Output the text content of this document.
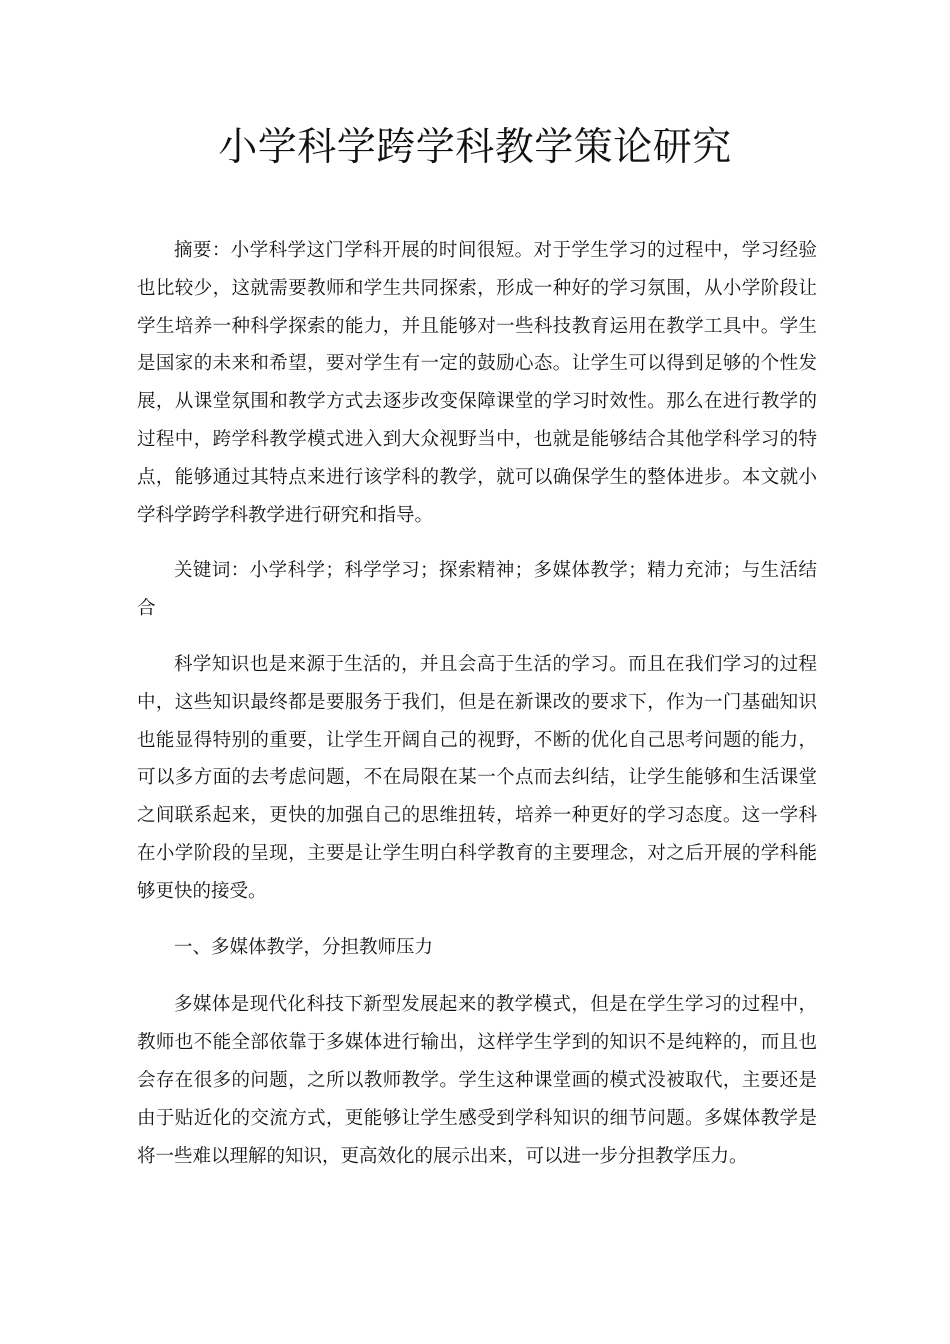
小学科学跨学科教学策论研究

摘要：小学科学这门学科开展的时间很短。对于学生学习的过程中，学习经验也比较少，这就需要教师和学生共同探索，形成一种好的学习氛围，从小学阶段让学生培养一种科学探索的能力，并且能够对一些科技教育运用在教学工具中。学生是国家的未来和希望，要对学生有一定的鼓励心态。让学生可以得到足够的个性发展，从课堂氛围和教学方式去逐步改变保障课堂的学习时效性。那么在进行教学的过程中，跨学科教学模式进入到大众视野当中，也就是能够结合其他学科学习的特点，能够通过其特点来进行该学科的教学，就可以确保学生的整体进步。本文就小学科学跨学科教学进行研究和指导。

关键词：小学科学；科学学习；探索精神；多媒体教学；精力充沛；与生活结合

科学知识也是来源于生活的，并且会高于生活的学习。而且在我们学习的过程中，这些知识最终都是要服务于我们，但是在新课改的要求下，作为一门基础知识也能显得特别的重要，让学生开阔自己的视野，不断的优化自己思考问题的能力，可以多方面的去考虑问题，不在局限在某一个点而去纠结，让学生能够和生活课堂之间联系起来，更快的加强自己的思维扭转，培养一种更好的学习态度。这一学科在小学阶段的呈现，主要是让学生明白科学教育的主要理念，对之后开展的学科能够更快的接受。

一、多媒体教学，分担教师压力

多媒体是现代化科技下新型发展起来的教学模式，但是在学生学习的过程中，教师也不能全部依靠于多媒体进行输出，这样学生学到的知识不是纯粹的，而且也会存在很多的问题，之所以教师教学。学生这种课堂画的模式没被取代，主要还是由于贴近化的交流方式，更能够让学生感受到学科知识的细节问题。多媒体教学是将一些难以理解的知识，更高效化的展示出来，可以进一步分担教学压力。
